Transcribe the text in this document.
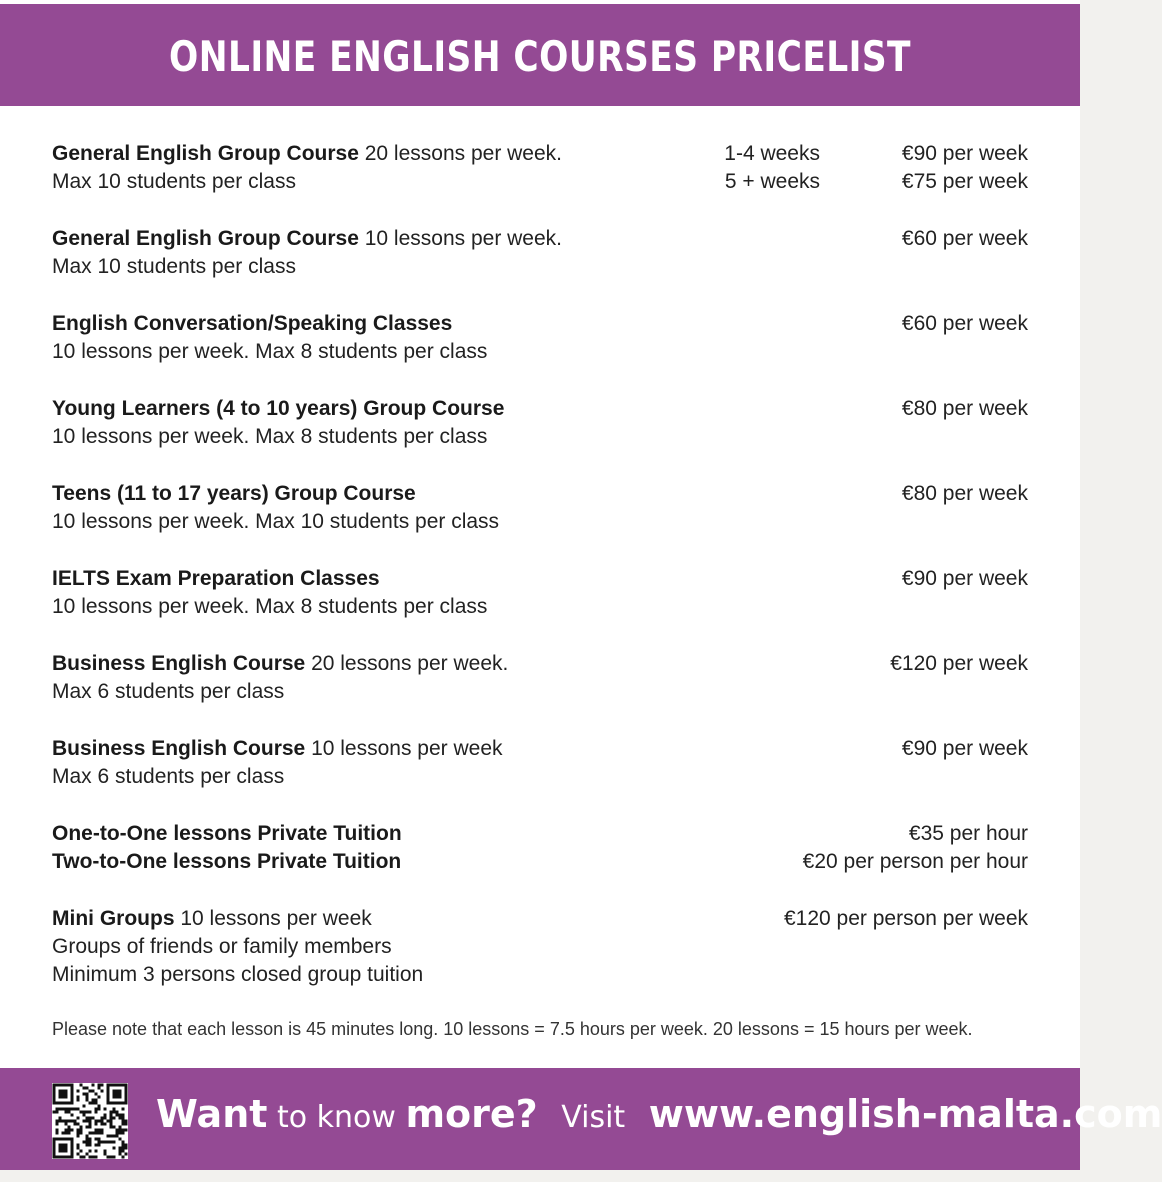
ONLINE ENGLISH COURSES PRICELIST
General English Group Course 20 lessons per week.
Max 10 students per class
1-4 weeks
5 + weeks
€90 per week
€75 per week
General English Group Course 10 lessons per week.
Max 10 students per class
€60 per week
English Conversation/Speaking Classes
10 lessons per week. Max 8 students per class
€60 per week
Young Learners (4 to 10 years) Group Course
10 lessons per week. Max 8 students per class
€80 per week
Teens (11 to 17 years) Group Course
10 lessons per week. Max 10 students per class
€80 per week
IELTS Exam Preparation Classes
10 lessons per week. Max 8 students per class
€90 per week
Business English Course 20 lessons per week.
Max 6 students per class
€120 per week
Business English Course 10 lessons per week
Max 6 students per class
€90 per week
One-to-One lessons Private Tuition
Two-to-One lessons Private Tuition
€35 per hour
€20 per person per hour
Mini Groups 10 lessons per week
Groups of friends or family members
Minimum 3 persons closed group tuition
€120 per person per week
Please note that each lesson is 45 minutes long. 10 lessons = 7.5 hours per week. 20 lessons = 15 hours per week.
Want to know more? Visit www.english-malta.com
